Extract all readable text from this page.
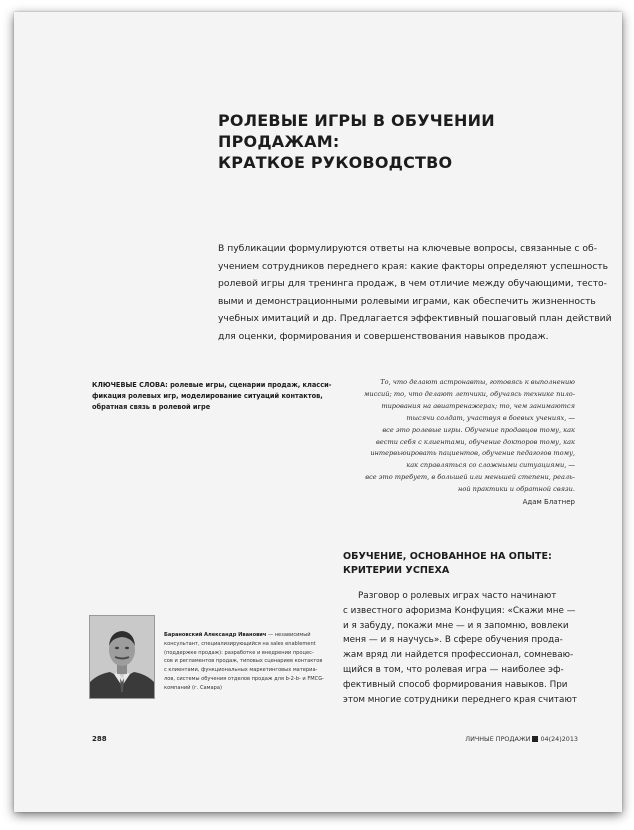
РОЛЕВЫЕ ИГРЫ В ОБУЧЕНИИ ПРОДАЖАМ:
КРАТКОЕ РУКОВОДСТВО

В публикации формулируются ответы на ключевые вопросы, связанные с об-
учением сотрудников переднего края: какие факторы определяют успешность
ролевой игры для тренинга продаж, в чем отличие между обучающими, тесто-
выми и демонстрационными ролевыми играми, как обеспечить жизненность
учебных имитаций и др. Предлагается эффективный пошаговый план действий
для оценки, формирования и совершенствования навыков продаж.

КЛЮЧЕВЫЕ СЛОВА: ролевые игры, сценарии продаж, класси-
фикация ролевых игр, моделирование ситуаций контактов,
обратная связь в ролевой игре

То, что делают астронавты, готовясь к выполнению
миссий; то, что делают летчики, обучаясь технике пило-
тирования на авиатренажерах; то, чем занимаются
тысячи солдат, участвуя в боевых учениях, —
все это ролевые игры. Обучение продавцов тому, как
вести себя с клиентами, обучение докторов тому, как
интервьюировать пациентов, обучение педагогов тому,
как справляться со сложными ситуациями, —
все это требует, в большей или меньшей степени, реаль-
ной практики и обратной связи.
Адам Блатнер
ОБУЧЕНИЕ, ОСНОВАННОЕ НА ОПЫТЕ:
КРИТЕРИИ УСПЕХА

Разговор о ролевых играх часто начинают
с известного афоризма Конфуция: «Скажи мне —
и я забуду, покажи мне — и я запомню, вовлеки
меня — и я научусь». В сфере обучения прода-
жам вряд ли найдется профессионал, сомневаю-
щийся в том, что ролевая игра — наиболее эф-
фективный способ формирования навыков. При
этом многие сотрудники переднего края считают

Барановский Александр Иванович — независимый
консультант, специализирующийся на sales enablement
(поддержке продаж): разработке и внедрении процес-
сов и регламентов продаж, типовых сценариев контактов
с клиентами, функциональных маркетинговых материа-
лов, системы обучения отделов продаж для b-2-b- и FMCG-
компаний (г. Самара)

288	ЛИЧНЫЕ ПРОДАЖИ 04(24)2013
